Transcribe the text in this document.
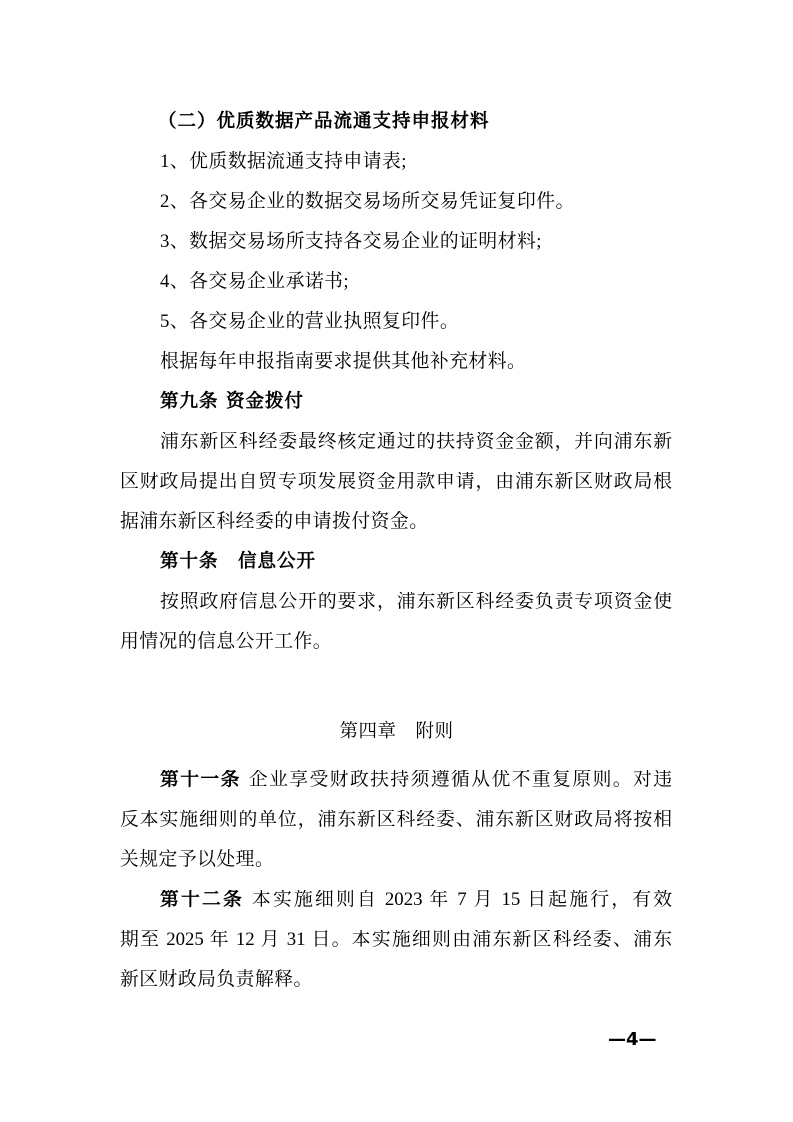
（二）优质数据产品流通支持申报材料
1、优质数据流通支持申请表;
2、各交易企业的数据交易场所交易凭证复印件。
3、数据交易场所支持各交易企业的证明材料;
4、各交易企业承诺书;
5、各交易企业的营业执照复印件。
根据每年申报指南要求提供其他补充材料。
第九条 资金拨付
浦东新区科经委最终核定通过的扶持资金金额，并向浦东新
区财政局提出自贸专项发展资金用款申请，由浦东新区财政局根
据浦东新区科经委的申请拨付资金。
第十条　信息公开
按照政府信息公开的要求，浦东新区科经委负责专项资金使
用情况的信息公开工作。
第四章　附则
第十一条 企业享受财政扶持须遵循从优不重复原则。对违
反本实施细则的单位，浦东新区科经委、浦东新区财政局将按相
关规定予以处理。
第十二条 本实施细则自 2023 年 7 月 15 日起施行，有效
期至 2025 年 12 月 31 日。本实施细则由浦东新区科经委、浦东
新区财政局负责解释。
—4—
